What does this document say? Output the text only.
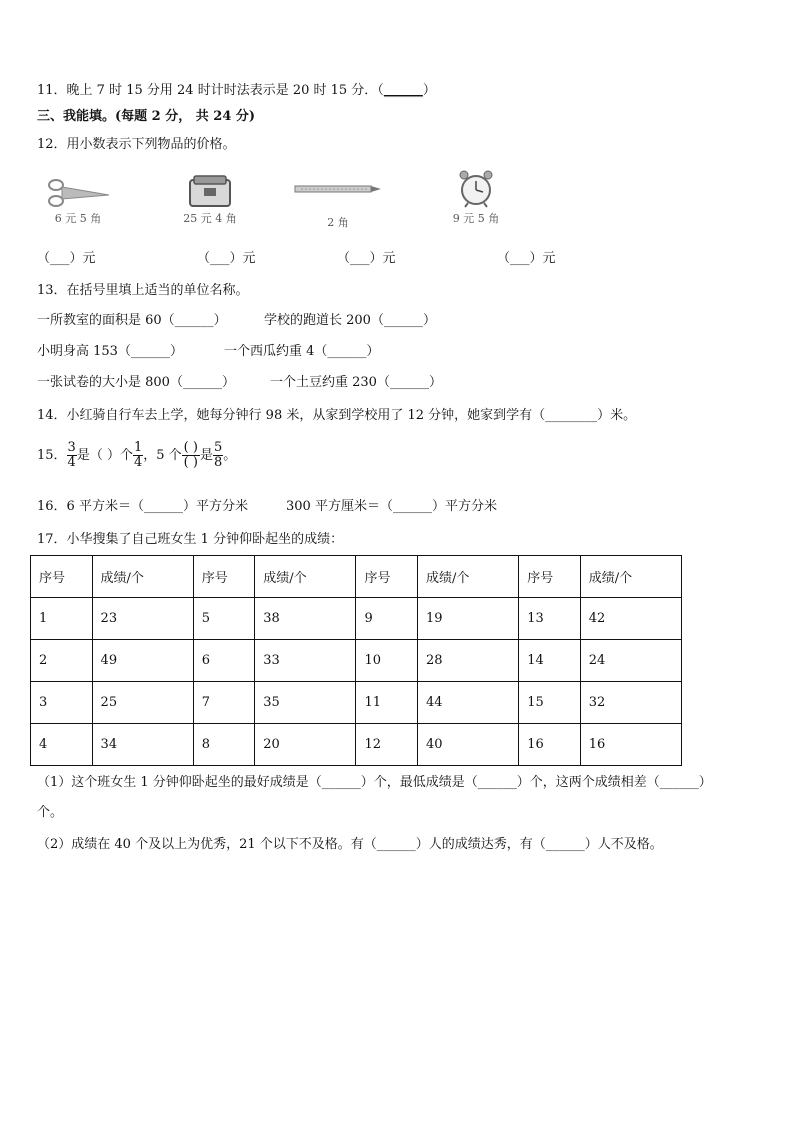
11．晚上 7 时 15 分用 24 时计时法表示是 20 时 15 分．（______）
三、我能填。(每题 2 分， 共 24 分)
12．用小数表示下列物品的价格。
6 元 5 角	25 元 4 角	2 角	9 元 5 角
（___）元	（___）元	（___）元	（___）元
13．在括号里填上适当的单位名称。
一所教室的面积是 60（______）	学校的跑道长 200（______）
小明身高 153（______）	一个西瓜约重 4（______）
一张试卷的大小是 800（______）	一个土豆约重 230（______）
14．小红骑自行车去上学，她每分钟行 98 米，从家到学校用了 12 分钟，她家到学有（________）米。
15． $\frac{3}{4}$ 是（ ）个 $\frac{1}{4}$ ，5 个 $\frac{( )}{( )}$ 是 $\frac{5}{8}$ 。
16．6 平方米＝（______）平方分米	300 平方厘米＝（______）平方分米
17．小华搜集了自己班女生 1 分钟仰卧起坐的成绩：
序号	成绩/个	序号	成绩/个	序号	成绩/个	序号	成绩/个
1	23	5	38	9	19	13	42
2	49	6	33	10	28	14	24
3	25	7	35	11	44	15	32
4	34	8	20	12	40	16	16
（1）这个班女生 1 分钟仰卧起坐的最好成绩是（______）个，最低成绩是（______）个，这两个成绩相差（______）
个。
（2）成绩在 40 个及以上为优秀，21 个以下不及格。有（______）人的成绩达秀，有（______）人不及格。
